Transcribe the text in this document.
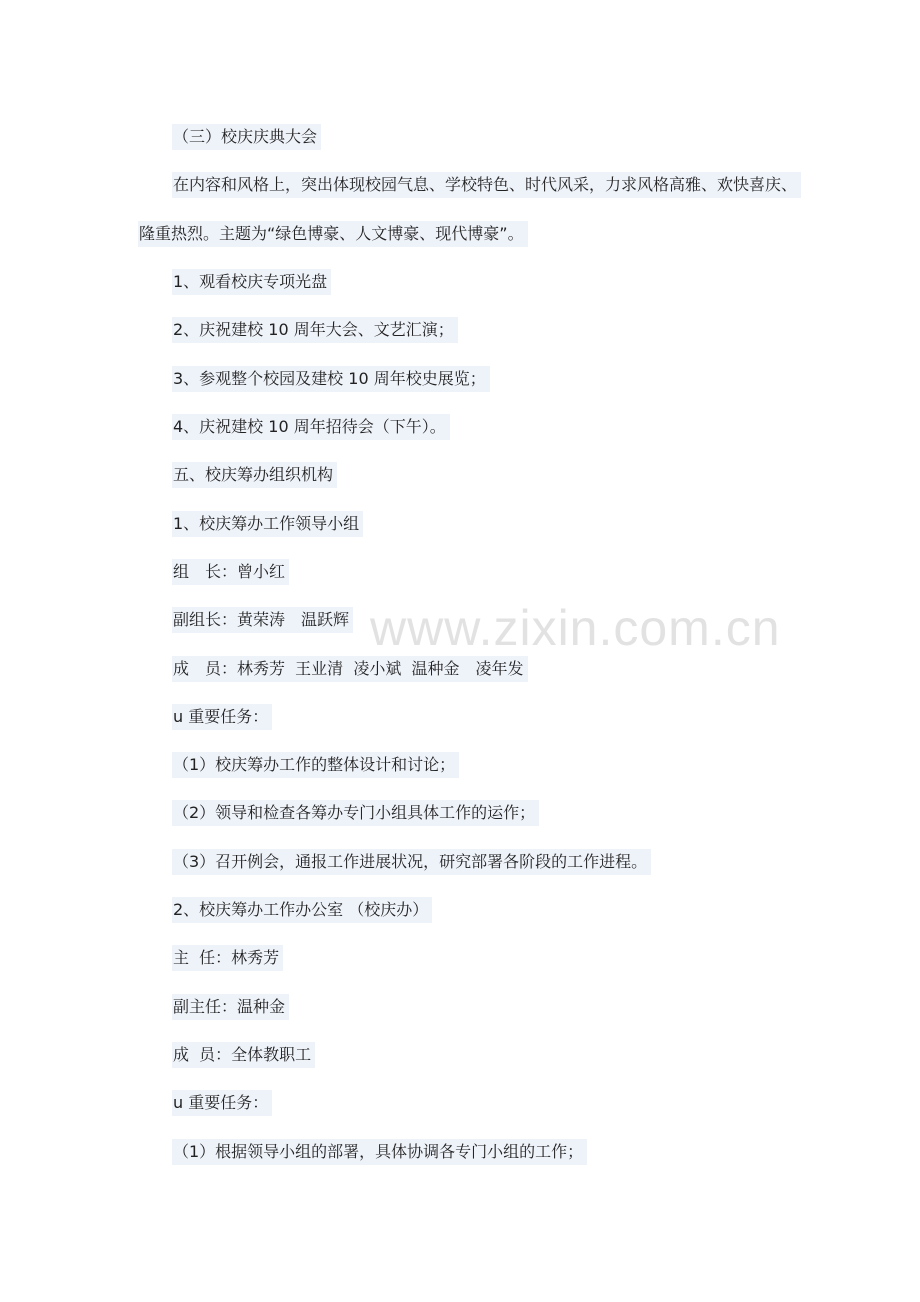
（三）校庆庆典大会
在内容和风格上，突出体现校园气息、学校特色、时代风采，力求风格高雅、欢快喜庆、
隆重热烈。主题为“绿色博豪、人文博豪、现代博豪”。
1、观看校庆专项光盘
2、庆祝建校 10 周年大会、文艺汇演；
3、参观整个校园及建校 10 周年校史展览；
4、庆祝建校 10 周年招待会（下午）。
五、校庆筹办组织机构
1、校庆筹办工作领导小组
组　长：曾小红
副组长：黄荣涛　温跃辉
成　员：林秀芳  王业清  凌小斌  温种金　凌年发
u 重要任务：
（1）校庆筹办工作的整体设计和讨论；
（2）领导和检查各筹办专门小组具体工作的运作；
（3）召开例会，通报工作进展状况，研究部署各阶段的工作进程。
2、校庆筹办工作办公室 （校庆办）
主  任：林秀芳
副主任：温种金
成  员：全体教职工
u 重要任务：
（1）根据领导小组的部署，具体协调各专门小组的工作；
www.zixin.com.cn
